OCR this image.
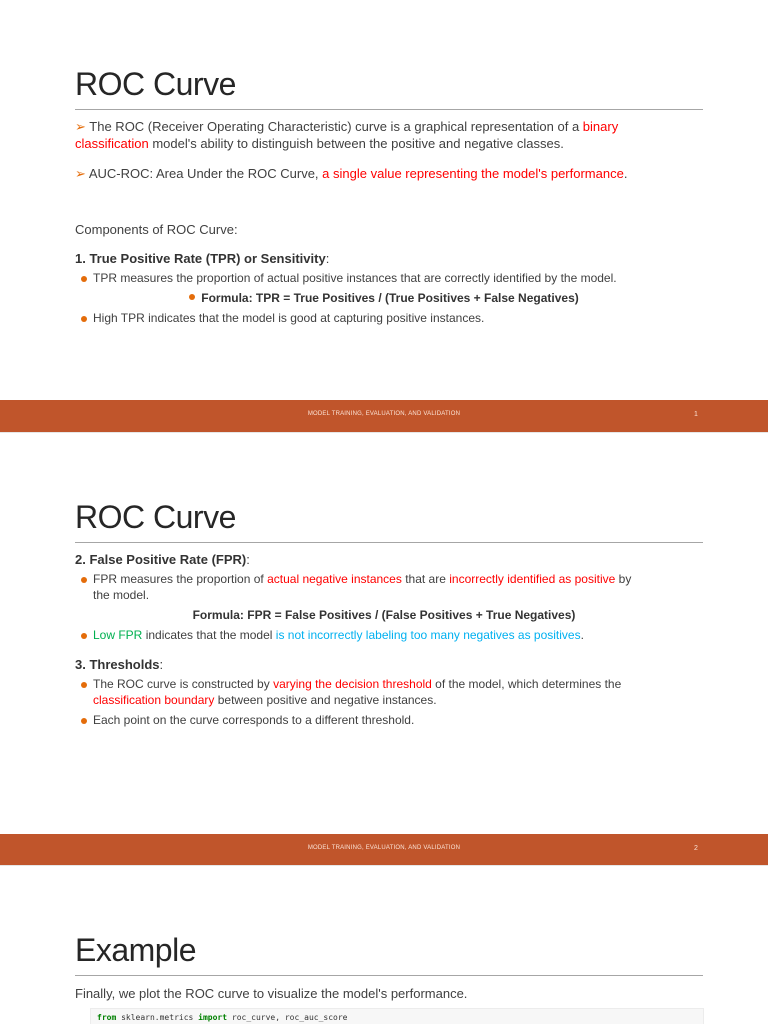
ROC Curve
➢ The ROC (Receiver Operating Characteristic) curve is a graphical representation of a binary
classification model's ability to distinguish between the positive and negative classes.
➢ AUC-ROC: Area Under the ROC Curve, a single value representing the model's performance.
Components of ROC Curve:
1. True Positive Rate (TPR) or Sensitivity:
TPR measures the proportion of actual positive instances that are correctly identified by the model.
Formula: TPR = True Positives / (True Positives + False Negatives)
High TPR indicates that the model is good at capturing positive instances.
MODEL TRAINING, EVALUATION, AND VALIDATION	1
ROC Curve
2. False Positive Rate (FPR):
FPR measures the proportion of actual negative instances that are incorrectly identified as positive by
the model.
Formula: FPR = False Positives / (False Positives + True Negatives)
Low FPR indicates that the model is not incorrectly labeling too many negatives as positives.
3. Thresholds:
The ROC curve is constructed by varying the decision threshold of the model, which determines the
classification boundary between positive and negative instances.
Each point on the curve corresponds to a different threshold.
MODEL TRAINING, EVALUATION, AND VALIDATION	2
Example
Finally, we plot the ROC curve to visualize the model's performance.
from sklearn.metrics import roc_curve, roc_auc_score
